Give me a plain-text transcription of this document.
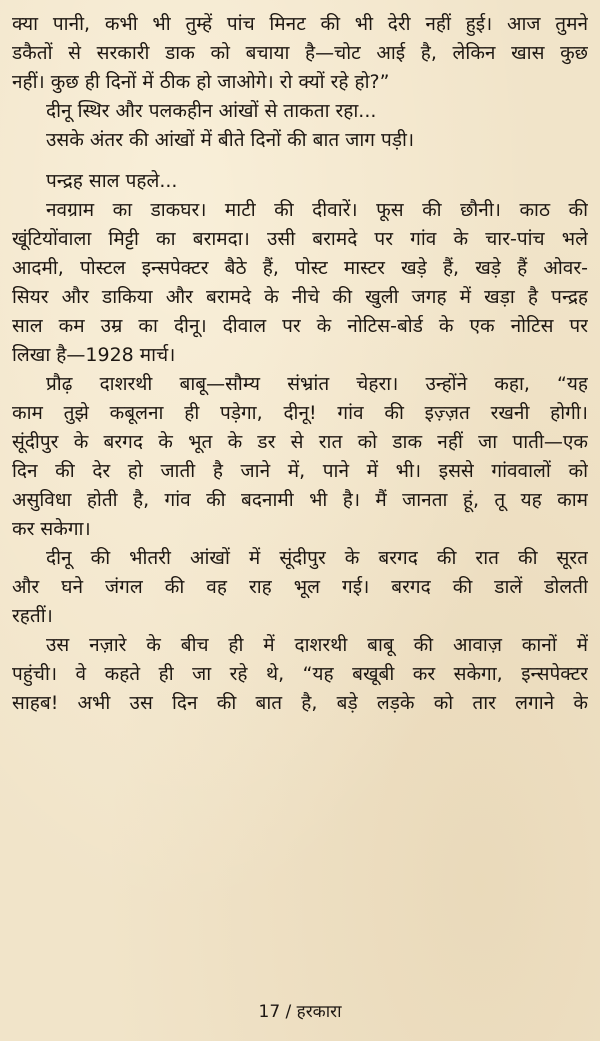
क्या पानी, कभी भी तुम्हें पांच मिनट की भी देरी नहीं हुई। आज तुमने
डकैतों से सरकारी डाक को बचाया है—चोट आई है, लेकिन खास कुछ
नहीं। कुछ ही दिनों में ठीक हो जाओगे। रो क्यों रहे हो?”
दीनू स्थिर और पलकहीन आंखों से ताकता रहा...
उसके अंतर की आंखों में बीते दिनों की बात जाग पड़ी।
पन्द्रह साल पहले...
नवग्राम का डाकघर। माटी की दीवारें। फूस की छौनी। काठ की
खूंटियोंवाला मिट्टी का बरामदा। उसी बरामदे पर गांव के चार-पांच भले
आदमी, पोस्टल इन्सपेक्टर बैठे हैं, पोस्ट मास्टर खड़े हैं, खड़े हैं ओवर-
सियर और डाकिया और बरामदे के नीचे की खुली जगह में खड़ा है पन्द्रह
साल कम उम्र का दीनू। दीवाल पर के नोटिस-बोर्ड के एक नोटिस पर
लिखा है—1928 मार्च।
प्रौढ़ दाशरथी बाबू—सौम्य संभ्रांत चेहरा। उन्होंने कहा, “यह
काम तुझे कबूलना ही पड़ेगा, दीनू! गांव की इज़्ज़त रखनी होगी।
सूंदीपुर के बरगद के भूत के डर से रात को डाक नहीं जा पाती—एक
दिन की देर हो जाती है जाने में, पाने में भी। इससे गांववालों को
असुविधा होती है, गांव की बदनामी भी है। मैं जानता हूं, तू यह काम
कर सकेगा।
दीनू की भीतरी आंखों में सूंदीपुर के बरगद की रात की सूरत
और घने जंगल की वह राह भूल गई। बरगद की डालें डोलती
रहतीं।
उस नज़ारे के बीच ही में दाशरथी बाबू की आवाज़ कानों में
पहुंची। वे कहते ही जा रहे थे, “यह बखूबी कर सकेगा, इन्सपेक्टर
साहब! अभी उस दिन की बात है, बड़े लड़के को तार लगाने के
17 / हरकारा
